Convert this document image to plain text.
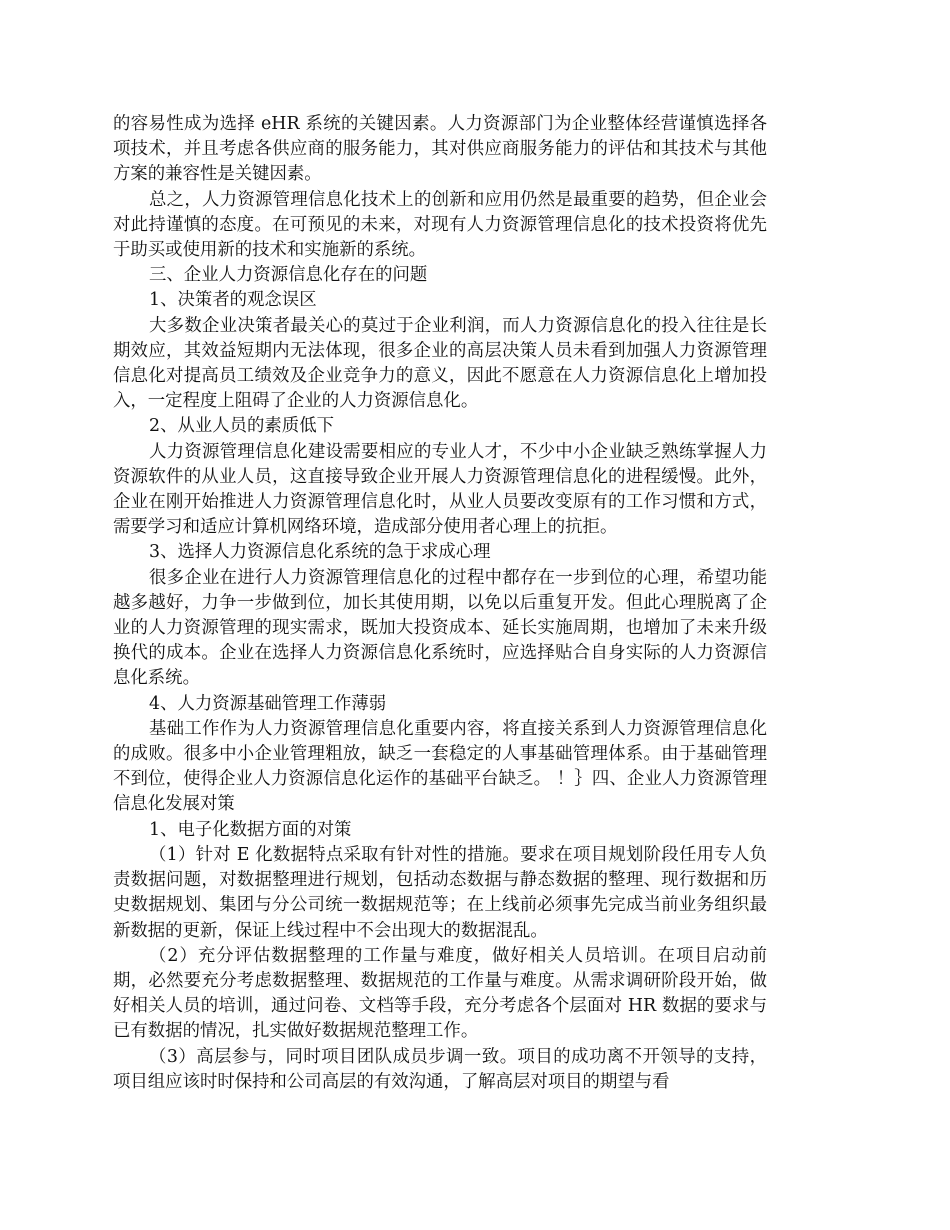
的容易性成为选择 eHR 系统的关键因素。人力资源部门为企业整体经营谨慎选择各项技术，并且考虑各供应商的服务能力，其对供应商服务能力的评估和其技术与其他方案的兼容性是关键因素。

总之，人力资源管理信息化技术上的创新和应用仍然是最重要的趋势，但企业会对此持谨慎的态度。在可预见的未来，对现有人力资源管理信息化的技术投资将优先于助买或使用新的技术和实施新的系统。

三、企业人力资源信息化存在的问题

1、决策者的观念误区

大多数企业决策者最关心的莫过于企业利润，而人力资源信息化的投入往往是长期效应，其效益短期内无法体现，很多企业的高层决策人员未看到加强人力资源管理信息化对提高员工绩效及企业竞争力的意义，因此不愿意在人力资源信息化上增加投入，一定程度上阻碍了企业的人力资源信息化。

2、从业人员的素质低下

人力资源管理信息化建设需要相应的专业人才，不少中小企业缺乏熟练掌握人力资源软件的从业人员，这直接导致企业开展人力资源管理信息化的进程缓慢。此外，企业在刚开始推进人力资源管理信息化时，从业人员要改变原有的工作习惯和方式，需要学习和适应计算机网络环境，造成部分使用者心理上的抗拒。

3、选择人力资源信息化系统的急于求成心理

很多企业在进行人力资源管理信息化的过程中都存在一步到位的心理，希望功能越多越好，力争一步做到位，加长其使用期，以免以后重复开发。但此心理脱离了企业的人力资源管理的现实需求，既加大投资成本、延长实施周期，也增加了未来升级换代的成本。企业在选择人力资源信息化系统时，应选择贴合自身实际的人力资源信息化系统。

4、人力资源基础管理工作薄弱

基础工作作为人力资源管理信息化重要内容，将直接关系到人力资源管理信息化的成败。很多中小企业管理粗放，缺乏一套稳定的人事基础管理体系。由于基础管理不到位，使得企业人力资源信息化运作的基础平台缺乏。 ！｝四、企业人力资源管理信息化发展对策

1、电子化数据方面的对策

（1）针对 E 化数据特点采取有针对性的措施。要求在项目规划阶段任用专人负责数据问题，对数据整理进行规划，包括动态数据与静态数据的整理、现行数据和历史数据规划、集团与分公司统一数据规范等；在上线前必须事先完成当前业务组织最新数据的更新，保证上线过程中不会出现大的数据混乱。

（2）充分评估数据整理的工作量与难度，做好相关人员培训。在项目启动前期，必然要充分考虑数据整理、数据规范的工作量与难度。从需求调研阶段开始，做好相关人员的培训，通过问卷、文档等手段，充分考虑各个层面对 HR 数据的要求与已有数据的情况，扎实做好数据规范整理工作。

（3）高层参与，同时项目团队成员步调一致。项目的成功离不开领导的支持，项目组应该时时保持和公司高层的有效沟通，了解高层对项目的期望与看
